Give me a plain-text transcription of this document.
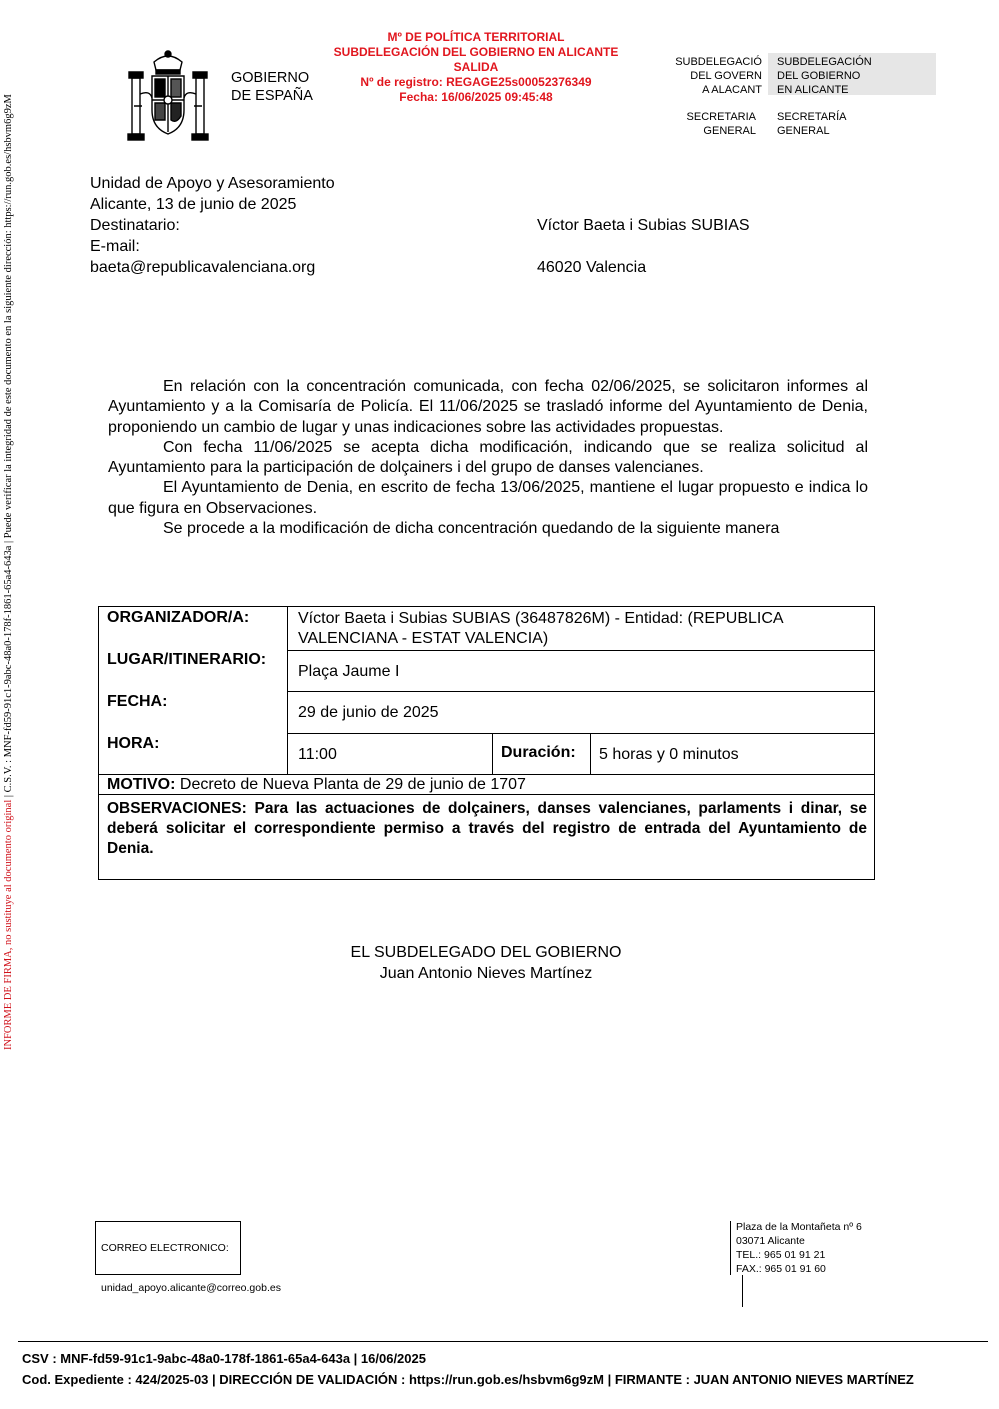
INFORME DE FIRMA, no sustituye al documento original | C.S.V. : MNF-fd59-91c1-9abc-48a0-178f-1861-65a4-643a | Puede verificar la integridad de este documento en la siguiente dirección: https://run.gob.es/hsbvm6g9zM
GOBIERNO
DE ESPAÑA
Mº DE POLÍTICA TERRITORIAL
SUBDELEGACIÓN DEL GOBIERNO EN ALICANTE
SALIDA
Nº de registro: REGAGE25s00052376349
Fecha: 16/06/2025 09:45:48
SUBDELEGACIÓ
DEL GOVERN
A ALACANT
SUBDELEGACIÓN
DEL GOBIERNO
EN ALICANTE
SECRETARIA
GENERAL
SECRETARÍA
GENERAL
Unidad de Apoyo y Asesoramiento
Alicante, 13 de junio de 2025
Destinatario:
E-mail:
baeta@republicavalenciana.org
Víctor Baeta i Subias SUBIAS
46020 Valencia

En relación con la concentración comunicada, con fecha 02/06/2025, se solicitaron informes al Ayuntamiento y a la Comisaría de Policía. El 11/06/2025 se trasladó informe del Ayuntamiento de Denia, proponiendo un cambio de lugar y unas indicaciones sobre las actividades propuestas.

Con fecha 11/06/2025 se acepta dicha modificación, indicando que se realiza solicitud al Ayuntamiento para la participación de dolçainers i del grupo de danses valencianes.

El Ayuntamiento de Denia, en escrito de fecha 13/06/2025, mantiene el lugar propuesto e indica lo que figura en Observaciones.

Se procede a la modificación de dicha concentración quedando de la siguiente manera

ORGANIZADOR/A:	Víctor Baeta i Subias SUBIAS (36487826M) - Entidad: (REPUBLICA VALENCIANA - ESTAT VALENCIA)
LUGAR/ITINERARIO:
Plaça Jaume I
FECHA:
29 de junio de 2025
HORA:
11:00	Duración: 5 horas y 0 minutos
MOTIVO: Decreto de Nueva Planta de 29 de junio de 1707
OBSERVACIONES: Para las actuaciones de dolçainers, danses valencianes, parlaments i dinar, se deberá solicitar el correspondiente permiso a través del registro de entrada del Ayuntamiento de Denia.
EL SUBDELEGADO DEL GOBIERNO
Juan Antonio Nieves Martínez
CORREO ELECTRONICO:
unidad_apoyo.alicante@correo.gob.es
Plaza de la Montañeta nº 6
03071 Alicante
TEL.: 965 01 91 21
FAX.: 965 01 91 60
CSV : MNF-fd59-91c1-9abc-48a0-178f-1861-65a4-643a | 16/06/2025
Cod. Expediente : 424/2025-03 | DIRECCIÓN DE VALIDACIÓN : https://run.gob.es/hsbvm6g9zM | FIRMANTE : JUAN ANTONIO NIEVES MARTÍNEZ
